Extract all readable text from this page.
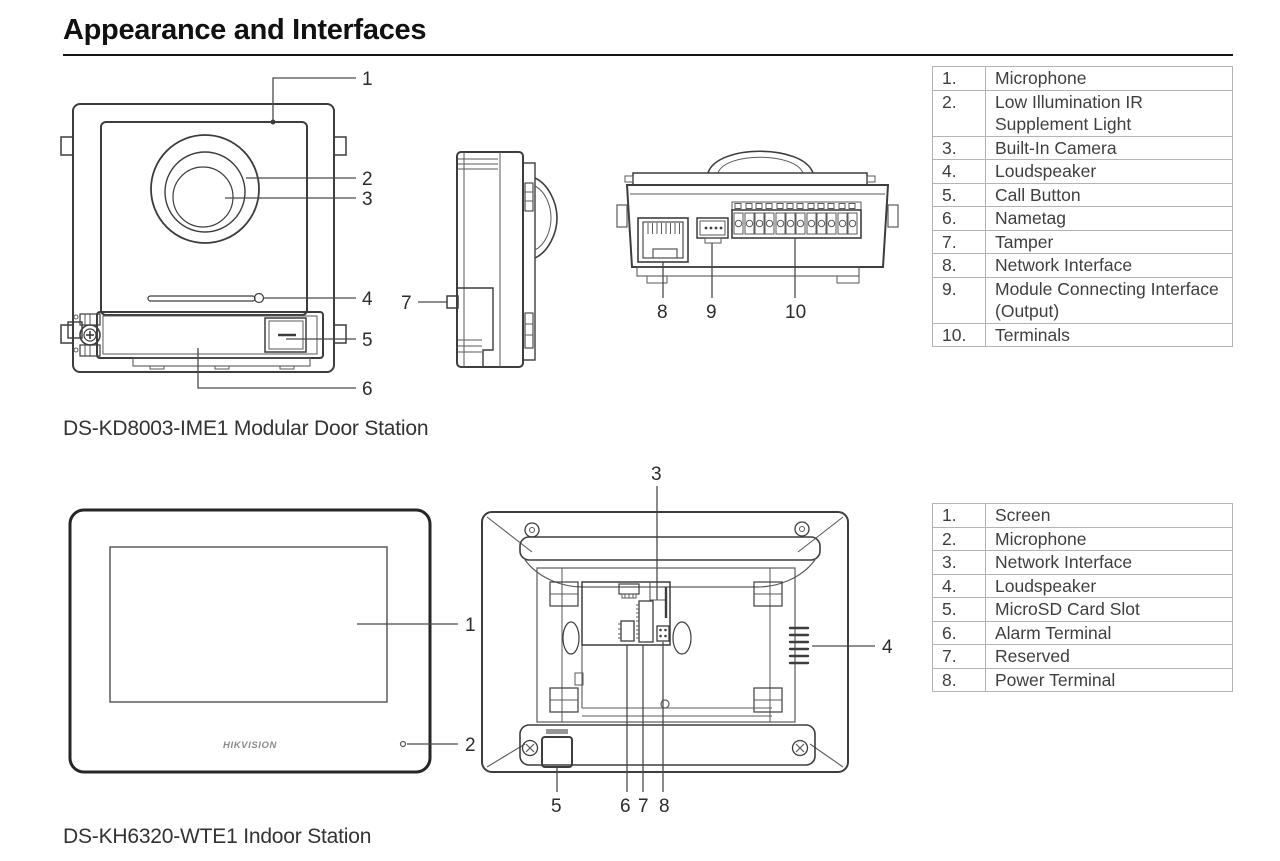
Appearance and Interfaces
1
2
3
4
5
6
7	8 9	10
DS-KD8003-IME1 Modular Door Station
1.	Microphone
2.	Low Illumination IR Supplement Light
3.	Built-In Camera
4.	Loudspeaker
5.	Call Button
6.	Nametag
7.	Tamper
8.	Network Interface
9.	Module Connecting Interface (Output)
10.	Terminals
HIKVISION
1
2
3
5	6 7 8
4
DS-KH6320-WTE1 Indoor Station
1.	Screen
2.	Microphone
3.	Network Interface
4.	Loudspeaker
5.	MicroSD Card Slot
6.	Alarm Terminal
7.	Reserved
8.	Power Terminal
